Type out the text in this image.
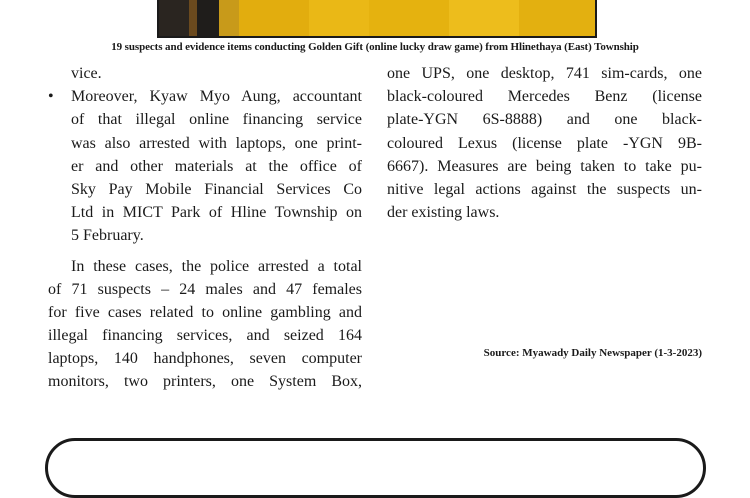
19 suspects and evidence items conducting Golden Gift (online lucky draw game) from Hlinethaya (East) Township
vice.
•	Moreover, Kyaw Myo Aung, accountant
of that illegal online financing service
was also arrested with laptops, one print-
er and other materials at the office of
Sky Pay Mobile Financial Services Co
Ltd in MICT Park of Hline Township on
5 February.
In these cases, the police arrested a total
of 71 suspects – 24 males and 47 females
for five cases related to online gambling and
illegal financing services, and seized 164
laptops, 140 handphones, seven computer
monitors, two printers, one System Box,
one UPS, one desktop, 741 sim-cards, one
black-coloured Mercedes Benz (license
plate-YGN 6S-8888) and one black-
coloured Lexus (license plate -YGN 9B-
6667). Measures are being taken to take pu-
nitive legal actions against the suspects un-
der existing laws.
Source: Myawady Daily Newspaper (1-3-2023)
